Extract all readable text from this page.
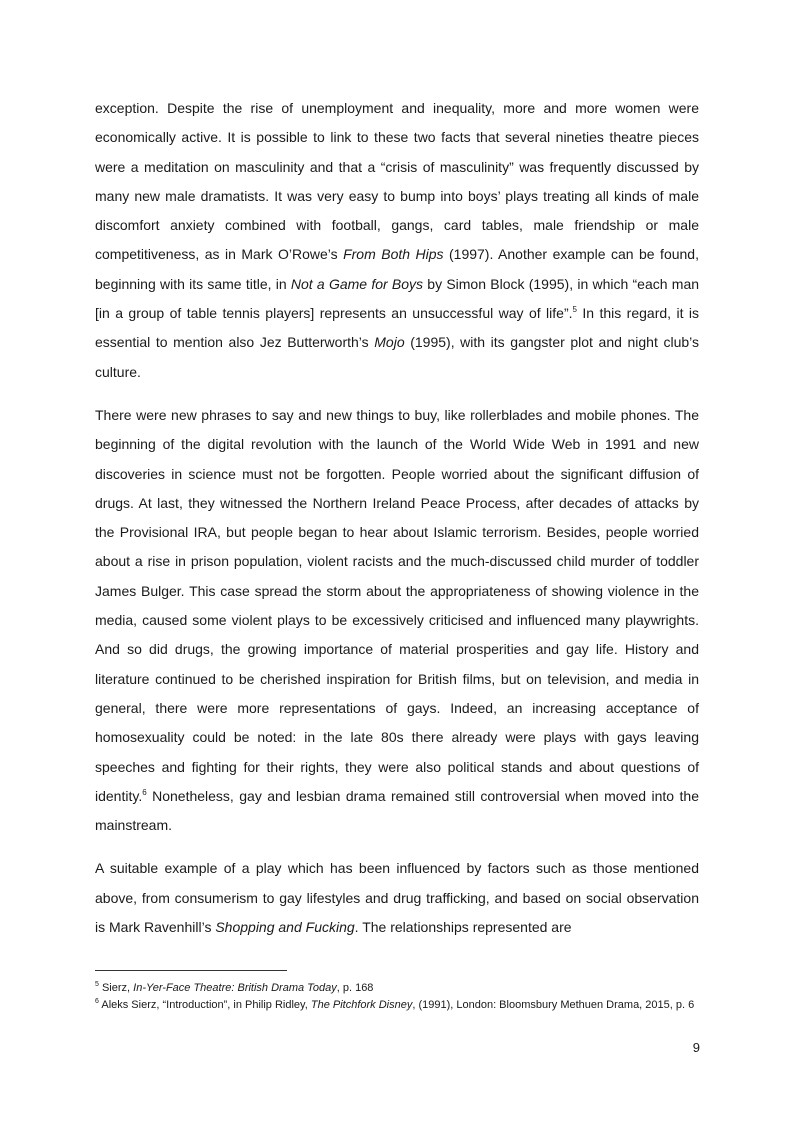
exception. Despite the rise of unemployment and inequality, more and more women were economically active. It is possible to link to these two facts that several nineties theatre pieces were a meditation on masculinity and that a “crisis of masculinity” was frequently discussed by many new male dramatists. It was very easy to bump into boys’ plays treating all kinds of male discomfort anxiety combined with football, gangs, card tables, male friendship or male competitiveness, as in Mark O’Rowe’s From Both Hips (1997). Another example can be found, beginning with its same title, in Not a Game for Boys by Simon Block (1995), in which “each man [in a group of table tennis players] represents an unsuccessful way of life”.$^5$ In this regard, it is essential to mention also Jez Butterworth’s Mojo (1995), with its gangster plot and night club’s culture.

There were new phrases to say and new things to buy, like rollerblades and mobile phones. The beginning of the digital revolution with the launch of the World Wide Web in 1991 and new discoveries in science must not be forgotten. People worried about the significant diffusion of drugs. At last, they witnessed the Northern Ireland Peace Process, after decades of attacks by the Provisional IRA, but people began to hear about Islamic terrorism. Besides, people worried about a rise in prison population, violent racists and the much-discussed child murder of toddler James Bulger. This case spread the storm about the appropriateness of showing violence in the media, caused some violent plays to be excessively criticised and influenced many playwrights. And so did drugs, the growing importance of material prosperities and gay life. History and literature continued to be cherished inspiration for British films, but on television, and media in general, there were more representations of gays. Indeed, an increasing acceptance of homosexuality could be noted: in the late 80s there already were plays with gays leaving speeches and fighting for their rights, they were also political stands and about questions of identity.$^6$ Nonetheless, gay and lesbian drama remained still controversial when moved into the mainstream.

A suitable example of a play which has been influenced by factors such as those mentioned above, from consumerism to gay lifestyles and drug trafficking, and based on social observation is Mark Ravenhill’s Shopping and Fucking. The relationships represented are

$^5$ Sierz, In-Yer-Face Theatre: British Drama Today, p. 168

$^6$ Aleks Sierz, “Introduction”, in Philip Ridley, The Pitchfork Disney, (1991), London: Bloomsbury Methuen Drama, 2015, p. 6

9
